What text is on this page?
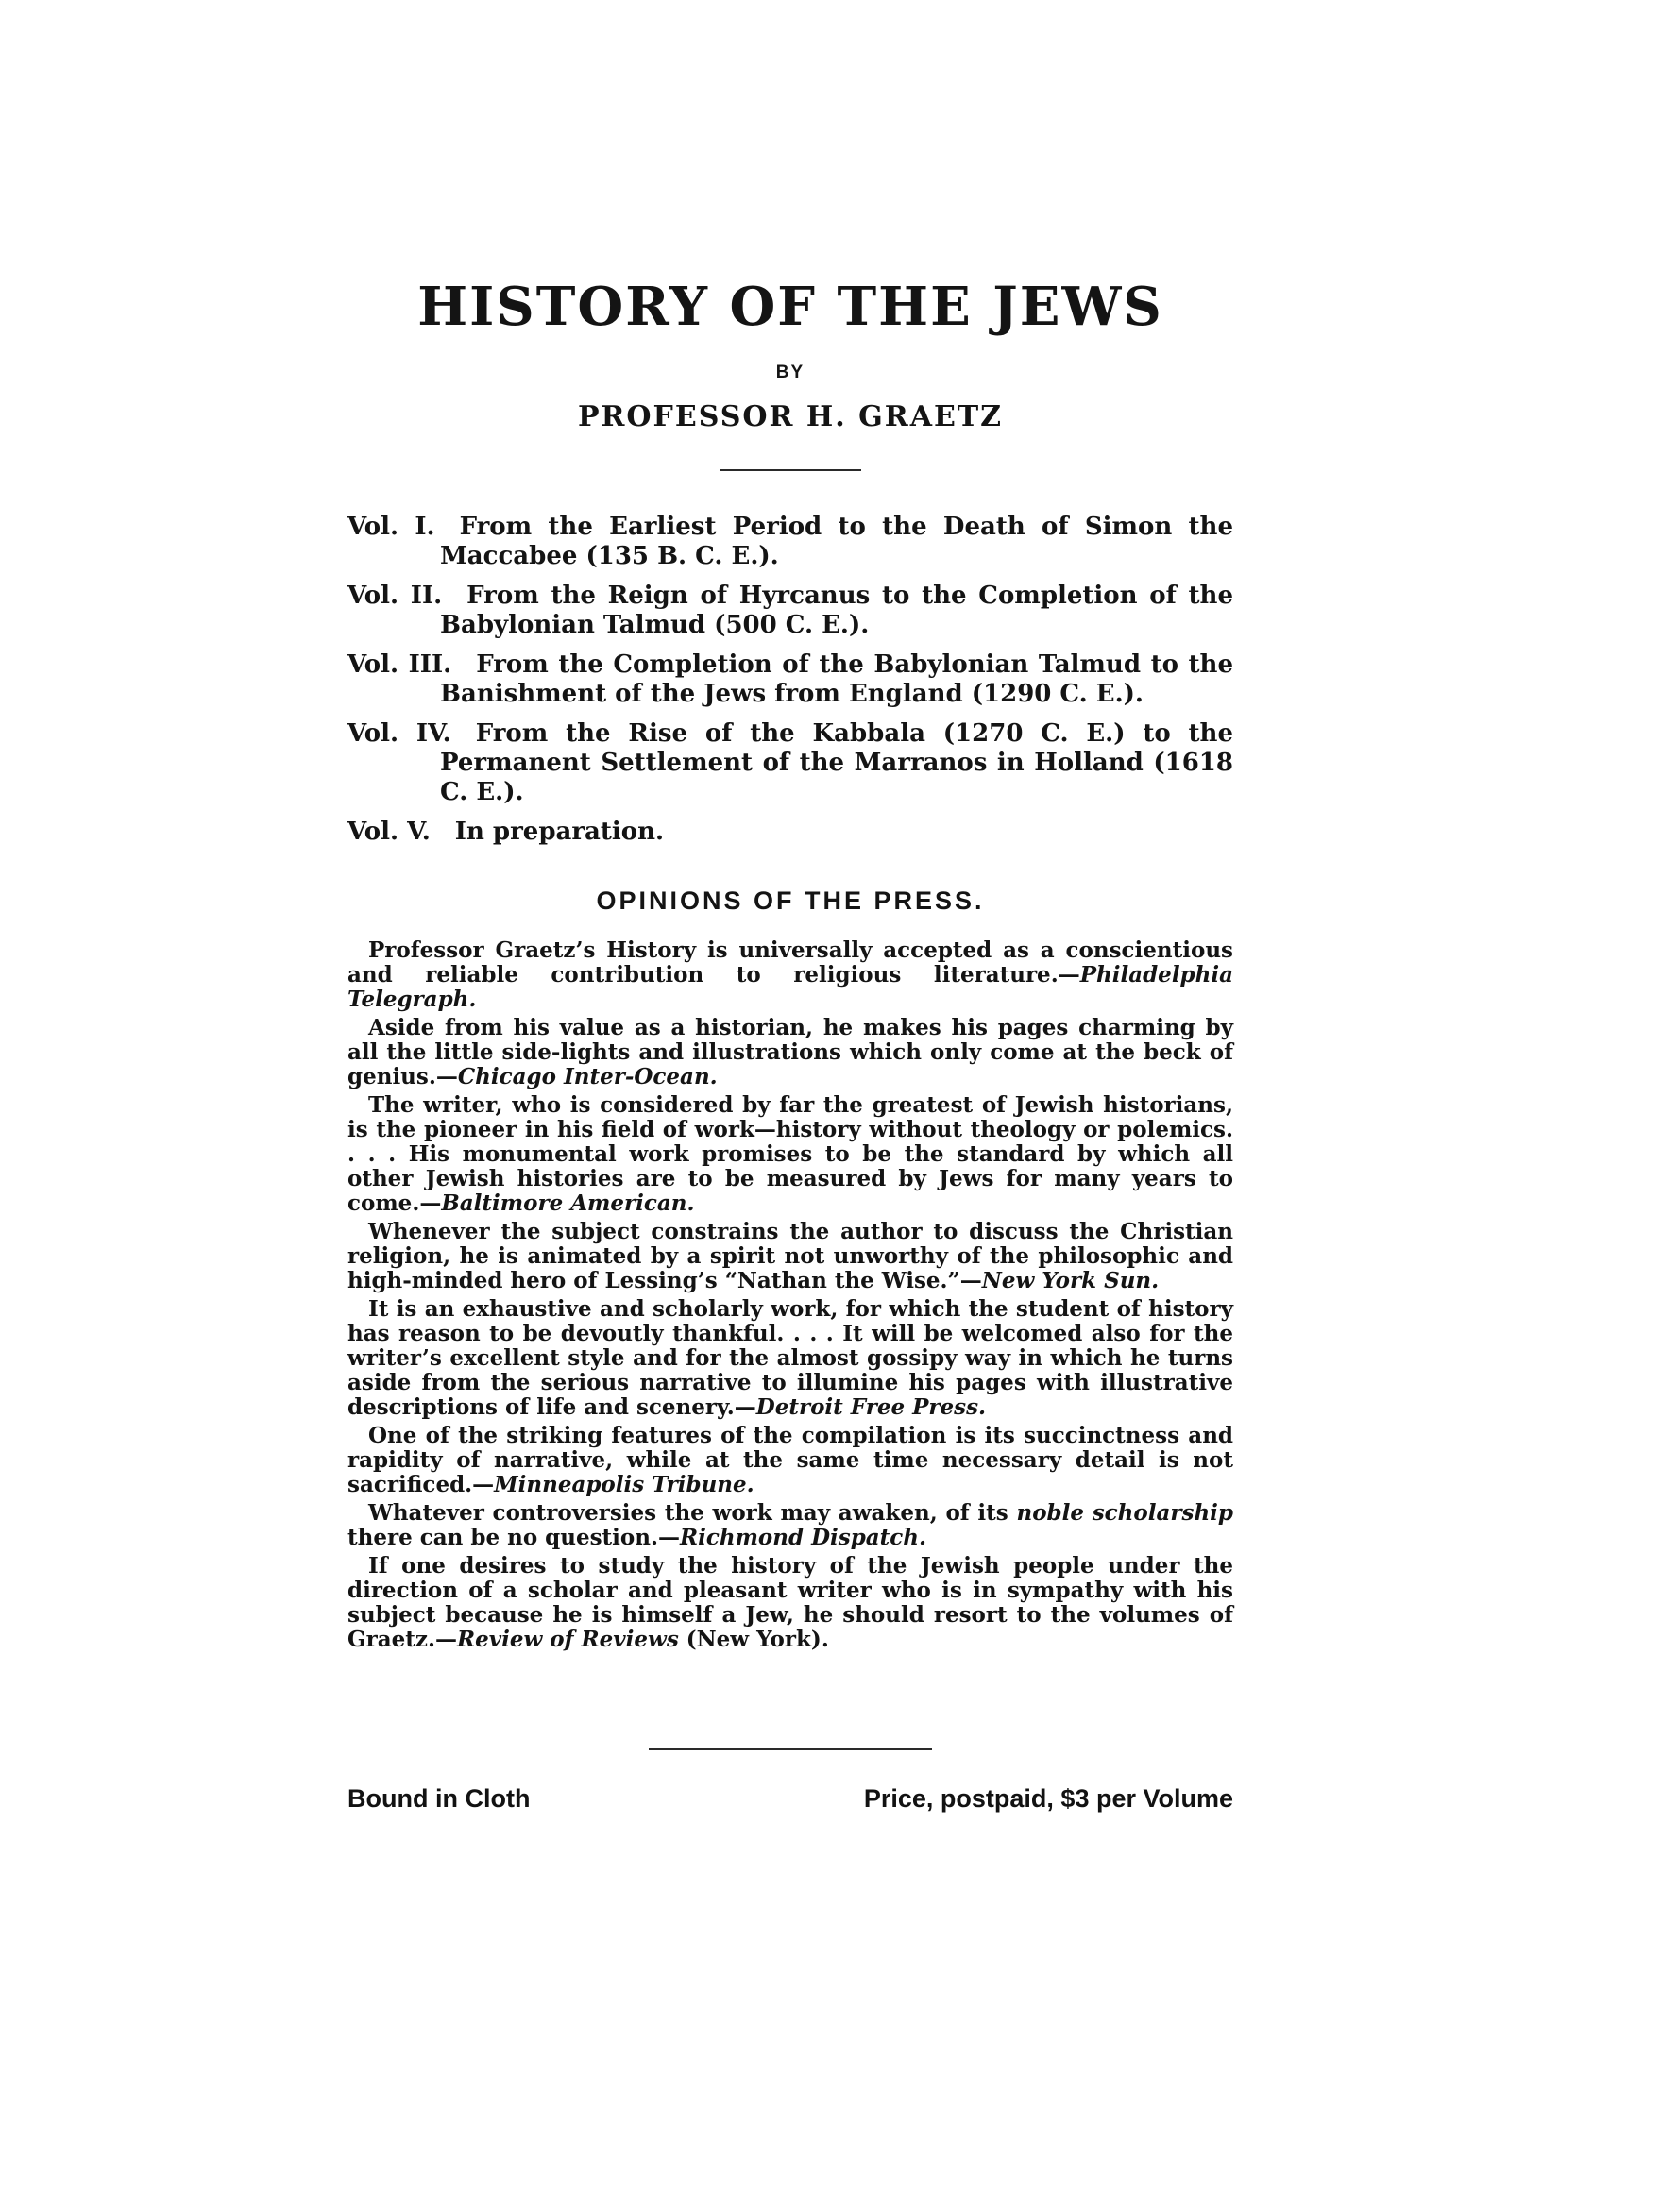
HISTORY OF THE JEWS
BY
PROFESSOR H. GRAETZ

Vol. I. From the Earliest Period to the Death of Simon the Maccabee (135 B. C. E.).

Vol. II. From the Reign of Hyrcanus to the Completion of the Babylonian Talmud (500 C. E.).

Vol. III. From the Completion of the Babylonian Talmud to the Banishment of the Jews from England (1290 C. E.).

Vol. IV. From the Rise of the Kabbala (1270 C. E.) to the Permanent Settlement of the Marranos in Holland (1618 C. E.).

Vol. V. In preparation.

OPINIONS OF THE PRESS.

Professor Graetz’s History is universally accepted as a conscientious and reliable contribution to religious literature.—Philadelphia Telegraph.

Aside from his value as a historian, he makes his pages charming by all the little side-lights and illustrations which only come at the beck of genius.—Chicago Inter-Ocean.

The writer, who is considered by far the greatest of Jewish historians, is the pioneer in his field of work—history without theology or polemics. . . . His monumental work promises to be the standard by which all other Jewish histories are to be measured by Jews for many years to come.—Baltimore American.

Whenever the subject constrains the author to discuss the Christian religion, he is animated by a spirit not unworthy of the philosophic and high-minded hero of Lessing’s “Nathan the Wise.”—New York Sun.

It is an exhaustive and scholarly work, for which the student of history has reason to be devoutly thankful. . . . It will be welcomed also for the writer’s excellent style and for the almost gossipy way in which he turns aside from the serious narrative to illumine his pages with illustrative descriptions of life and scenery.—Detroit Free Press.

One of the striking features of the compilation is its succinctness and rapidity of narrative, while at the same time necessary detail is not sacrificed.—Minneapolis Tribune.

Whatever controversies the work may awaken, of its noble scholarship there can be no question.—Richmond Dispatch.

If one desires to study the history of the Jewish people under the direction of a scholar and pleasant writer who is in sympathy with his subject because he is himself a Jew, he should resort to the volumes of Graetz.—Review of Reviews (New York).

Bound in Cloth	Price, postpaid, $3 per Volume
